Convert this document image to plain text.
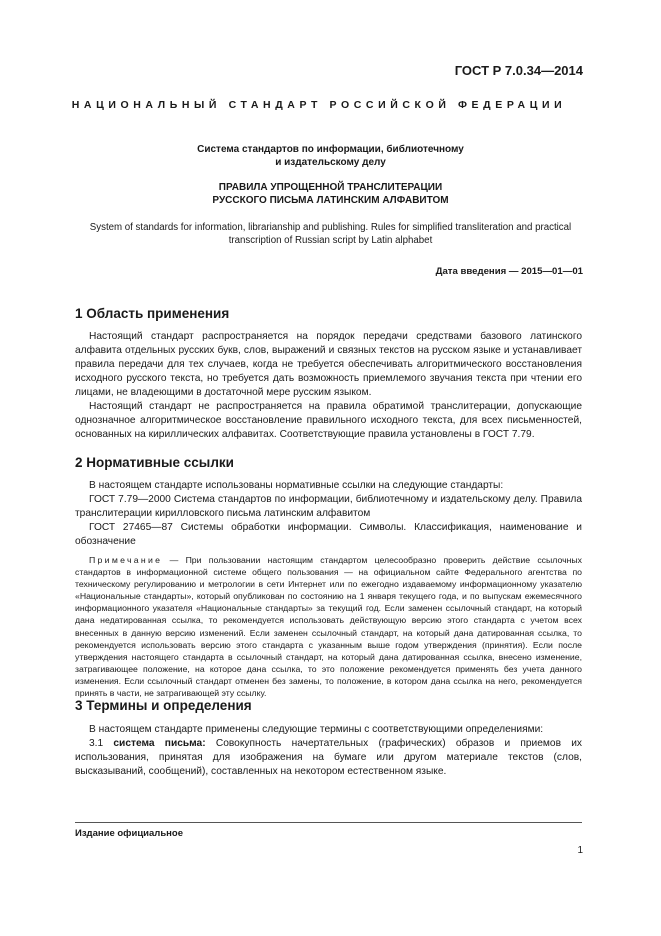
ГОСТ Р 7.0.34—2014
НАЦИОНАЛЬНЫЙ СТАНДАРТ РОССИЙСКОЙ ФЕДЕРАЦИИ
Система стандартов по информации, библиотечному
и издательскому делу
ПРАВИЛА УПРОЩЕННОЙ ТРАНСЛИТЕРАЦИИ
РУССКОГО ПИСЬМА ЛАТИНСКИМ АЛФАВИТОМ
System of standards for information, librarianship and publishing. Rules for simplified transliteration and practical
transcription of Russian script by Latin alphabet
Дата введения — 2015—01—01
1 Область применения
Настоящий стандарт распространяется на порядок передачи средствами базового латинского алфавита отдельных русских букв, слов, выражений и связных текстов на русском языке и устанавливает правила передачи для тех случаев, когда не требуется обеспечивать алгоритмического восстановления исходного русского текста, но требуется дать возможность приемлемого звучания текста при чтении его лицами, не владеющими в достаточной мере русским языком.
Настоящий стандарт не распространяется на правила обратимой транслитерации, допускающие однозначное алгоритмическое восстановление правильного исходного текста, для всех письменностей, основанных на кириллических алфавитах. Соответствующие правила установлены в ГОСТ 7.79.
2 Нормативные ссылки
В настоящем стандарте использованы нормативные ссылки на следующие стандарты:
ГОСТ 7.79—2000 Система стандартов по информации, библиотечному и издательскому делу. Правила транслитерации кирилловского письма латинским алфавитом
ГОСТ 27465—87 Системы обработки информации. Символы. Классификация, наименование и обозначение
Примечание — При пользовании настоящим стандартом целесообразно проверить действие ссылочных стандартов в информационной системе общего пользования — на официальном сайте Федерального агентства по техническому регулированию и метрологии в сети Интернет или по ежегодно издаваемому информационному указателю «Национальные стандарты», который опубликован по состоянию на 1 января текущего года, и по выпускам ежемесячного информационного указателя «Национальные стандарты» за текущий год. Если заменен ссылочный стандарт, на который дана недатированная ссылка, то рекомендуется использовать действующую версию этого стандарта с учетом всех внесенных в данную версию изменений. Если заменен ссылочный стандарт, на который дана датированная ссылка, то рекомендуется использовать версию этого стандарта с указанным выше годом утверждения (принятия). Если после утверждения настоящего стандарта в ссылочный стандарт, на который дана датированная ссылка, внесено изменение, затрагивающее положение, на которое дана ссылка, то это положение рекомендуется применять без учета данного изменения. Если ссылочный стандарт отменен без замены, то положение, в котором дана ссылка на него, рекомендуется принять в части, не затрагивающей эту ссылку.
3 Термины и определения
В настоящем стандарте применены следующие термины с соответствующими определениями:
3.1 система письма: Совокупность начертательных (графических) образов и приемов их использования, принятая для изображения на бумаге или другом материале текстов (слов, высказываний, сообщений), составленных на некотором естественном языке.
Издание официальное
1
